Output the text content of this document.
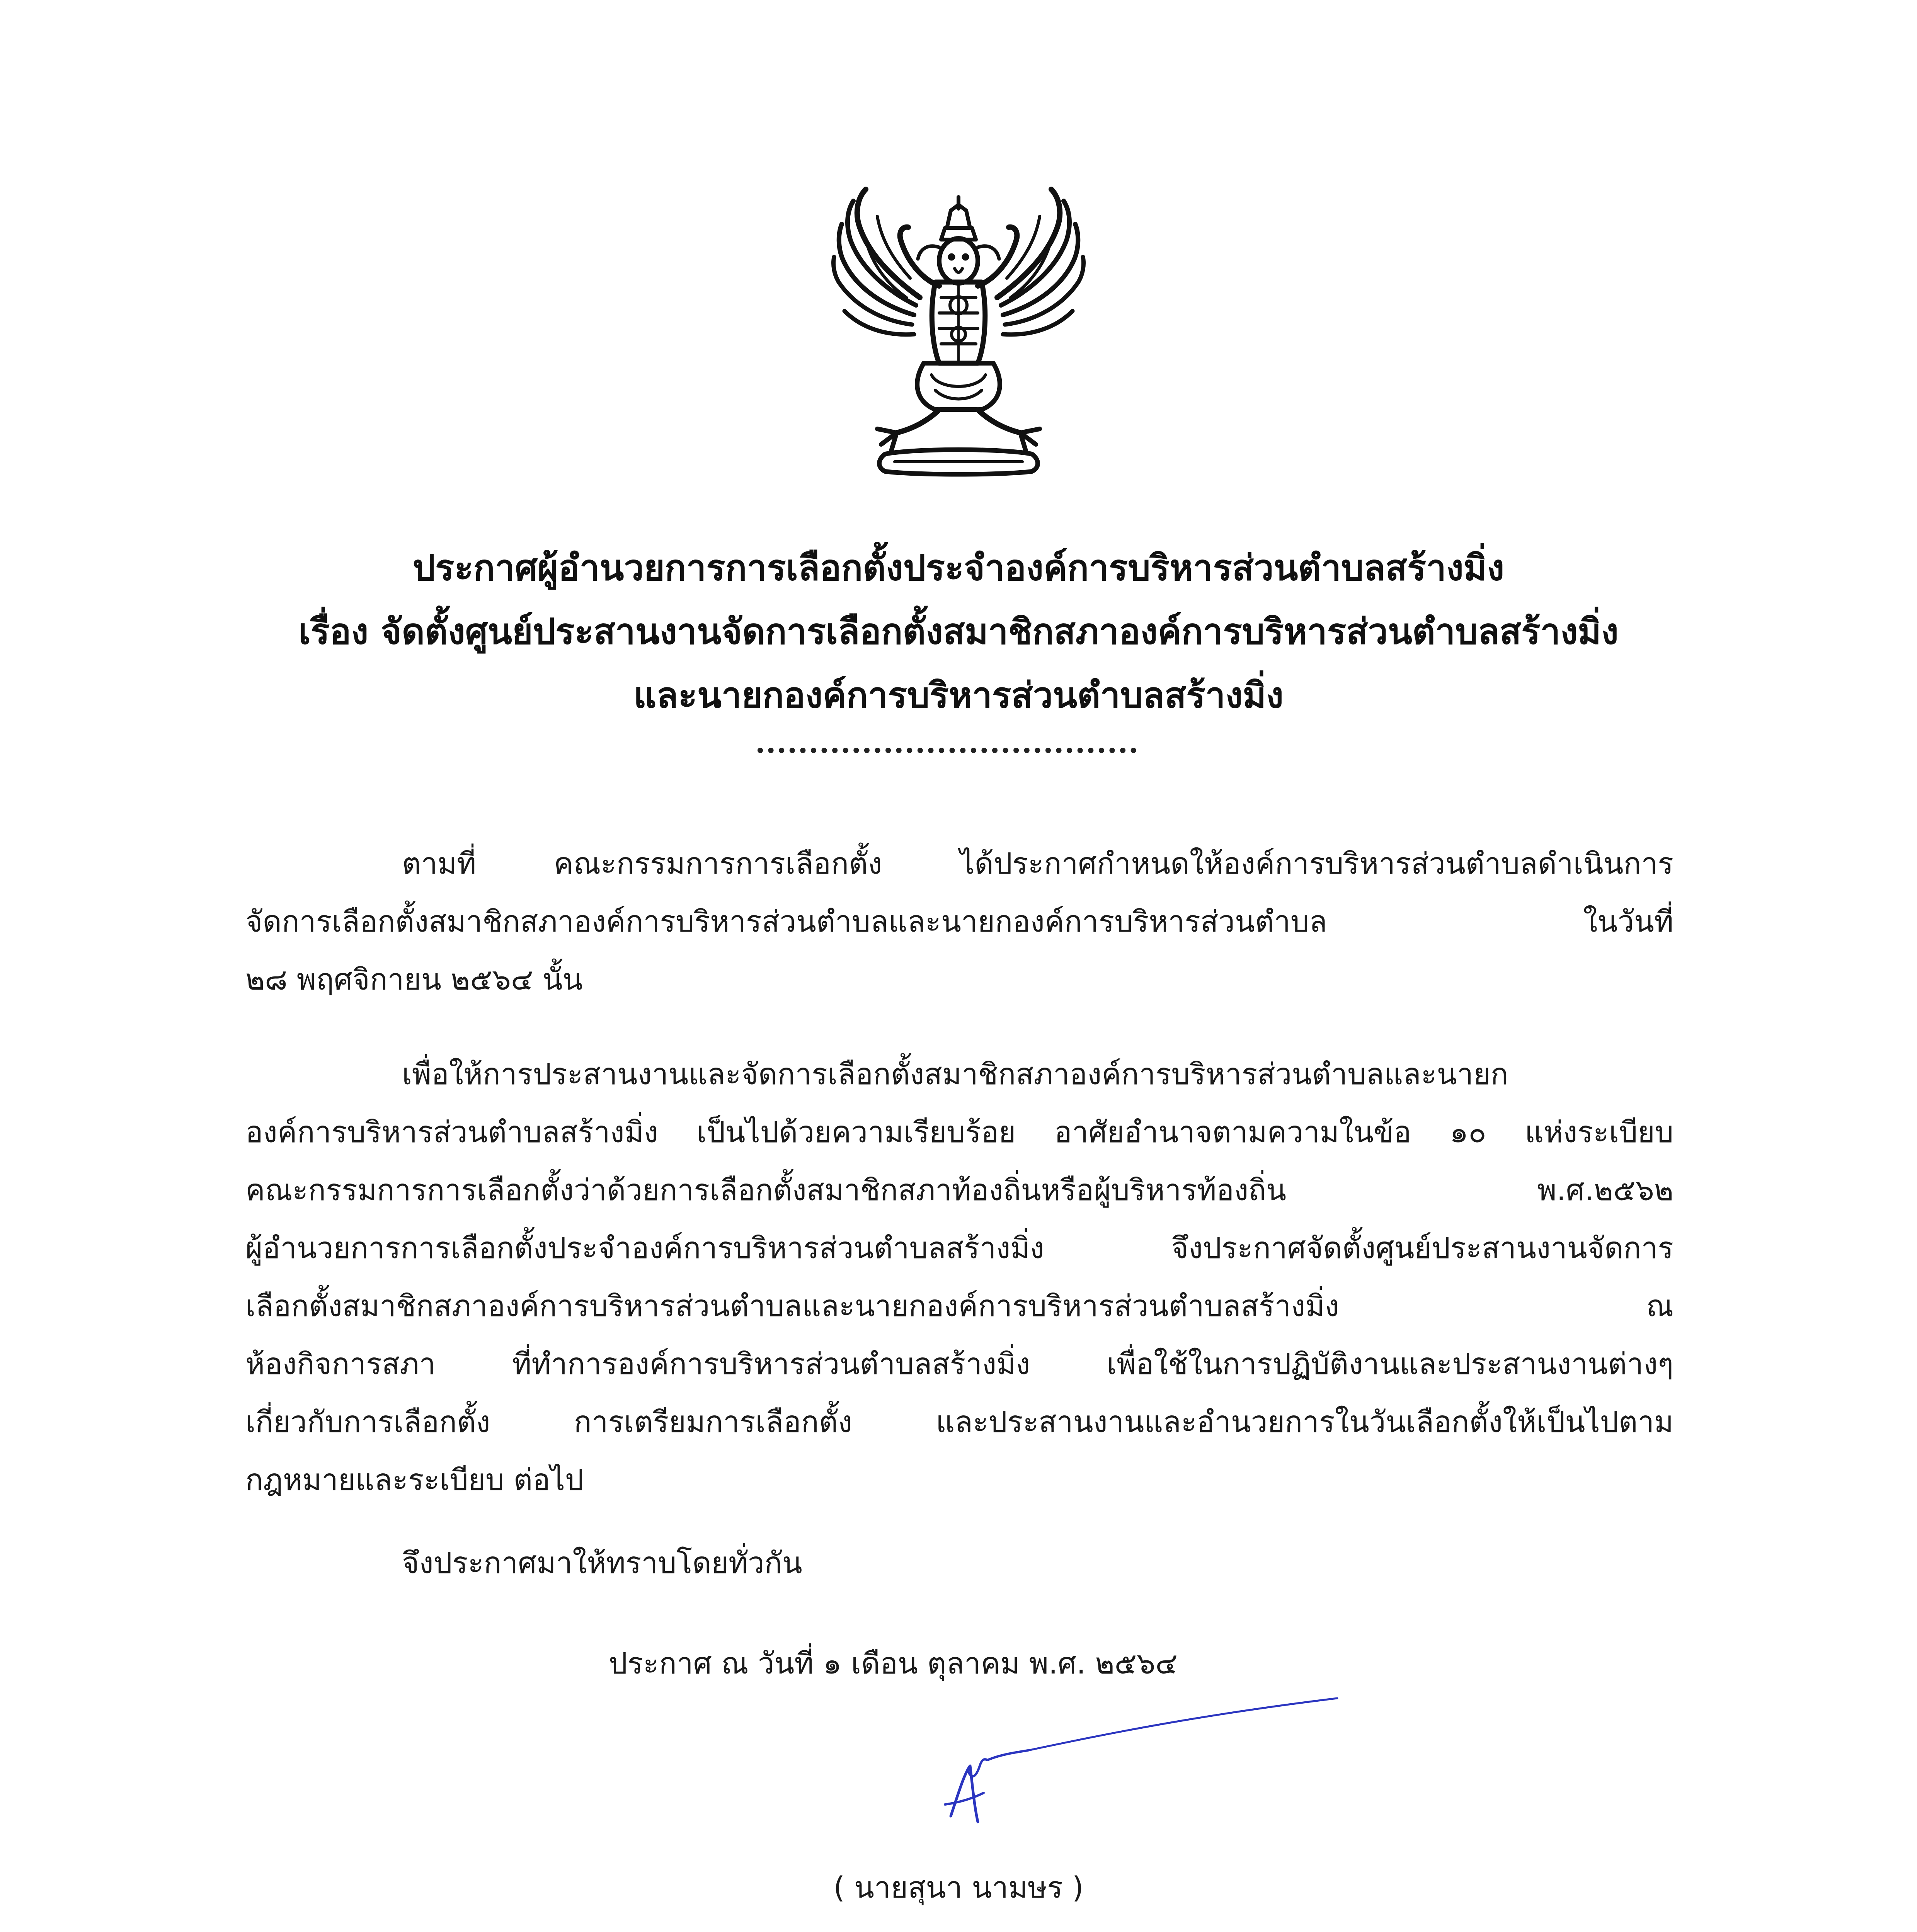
ประกาศผู้อำนวยการการเลือกตั้งประจำองค์การบริหารส่วนตำบลสร้างมิ่ง
เรื่อง จัดตั้งศูนย์ประสานงานจัดการเลือกตั้งสมาชิกสภาองค์การบริหารส่วนตำบลสร้างมิ่ง
และนายกองค์การบริหารส่วนตำบลสร้างมิ่ง
ตามที่ คณะกรรมการการเลือกตั้ง ได้ประกาศกำหนดให้องค์การบริหารส่วนตำบลดำเนินการ
จัดการเลือกตั้งสมาชิกสภาองค์การบริหารส่วนตำบลและนายกองค์การบริหารส่วนตำบล ในวันที่
๒๘ พฤศจิกายน ๒๕๖๔ นั้น
เพื่อให้การประสานงานและจัดการเลือกตั้งสมาชิกสภาองค์การบริหารส่วนตำบลและนายก
องค์การบริหารส่วนตำบลสร้างมิ่ง เป็นไปด้วยความเรียบร้อย อาศัยอำนาจตามความในข้อ ๑๐ แห่งระเบียบ
คณะกรรมการการเลือกตั้งว่าด้วยการเลือกตั้งสมาชิกสภาท้องถิ่นหรือผู้บริหารท้องถิ่น พ.ศ.๒๕๖๒
ผู้อำนวยการการเลือกตั้งประจำองค์การบริหารส่วนตำบลสร้างมิ่ง จึงประกาศจัดตั้งศูนย์ประสานงานจัดการ
เลือกตั้งสมาชิกสภาองค์การบริหารส่วนตำบลและนายกองค์การบริหารส่วนตำบลสร้างมิ่ง ณ
ห้องกิจการสภา ที่ทำการองค์การบริหารส่วนตำบลสร้างมิ่ง เพื่อใช้ในการปฏิบัติงานและประสานงานต่างๆ
เกี่ยวกับการเลือกตั้ง การเตรียมการเลือกตั้ง และประสานงานและอำนวยการในวันเลือกตั้งให้เป็นไปตาม
กฎหมายและระเบียบ ต่อไป
จึงประกาศมาให้ทราบโดยทั่วกัน
ประกาศ ณ วันที่ ๑ เดือน ตุลาคม พ.ศ. ๒๕๖๔
( นายสุนา นามษร )
